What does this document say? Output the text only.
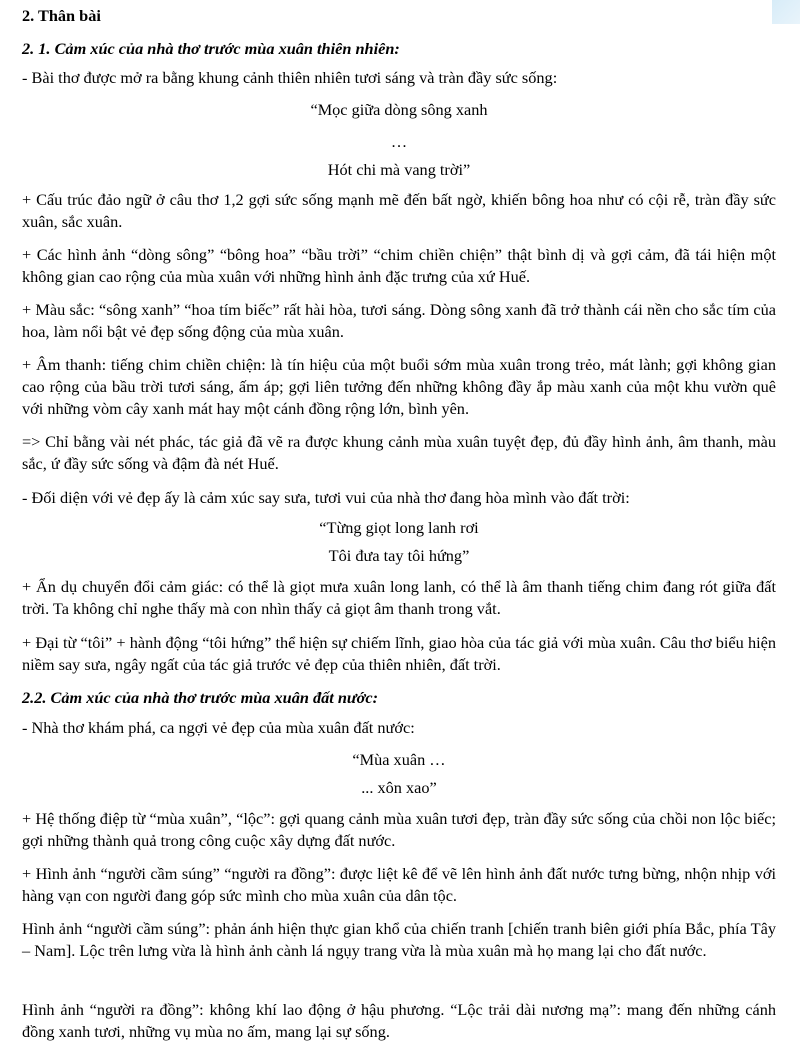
2. Thân bài

2. 1. Cảm xúc của nhà thơ trước mùa xuân thiên nhiên:

- Bài thơ được mở ra bằng khung cảnh thiên nhiên tươi sáng và tràn đầy sức sống:

“Mọc giữa dòng sông xanh

…

Hót chi mà vang trời”

+ Cấu trúc đảo ngữ ở câu thơ 1,2 gợi sức sống mạnh mẽ đến bất ngờ, khiến bông hoa như có cội rễ, tràn đầy sức xuân, sắc xuân.

+ Các hình ảnh “dòng sông” “bông hoa” “bầu trời” “chim chiền chiện” thật bình dị và gợi cảm, đã tái hiện một không gian cao rộng của mùa xuân với những hình ảnh đặc trưng của xứ Huế.

+ Màu sắc: “sông xanh” “hoa tím biếc” rất hài hòa, tươi sáng. Dòng sông xanh đã trở thành cái nền cho sắc tím của hoa, làm nổi bật vẻ đẹp sống động của mùa xuân.

+ Âm thanh: tiếng chim chiền chiện: là tín hiệu của một buổi sớm mùa xuân trong trẻo, mát lành; gợi không gian cao rộng của bầu trời tươi sáng, ấm áp; gợi liên tưởng đến những không đầy ắp màu xanh của một khu vườn quê với những vòm cây xanh mát hay một cánh đồng rộng lớn, bình yên.

=> Chỉ bằng vài nét phác, tác giả đã vẽ ra được khung cảnh mùa xuân tuyệt đẹp, đủ đầy hình ảnh, âm thanh, màu sắc, ứ đầy sức sống và đậm đà nét Huế.

- Đối diện với vẻ đẹp ấy là cảm xúc say sưa, tươi vui của nhà thơ đang hòa mình vào đất trời:

“Từng giọt long lanh rơi

Tôi đưa tay tôi hứng”

+ Ẩn dụ chuyển đổi cảm giác: có thể là giọt mưa xuân long lanh, có thể là âm thanh tiếng chim đang rót giữa đất trời. Ta không chỉ nghe thấy mà con nhìn thấy cả giọt âm thanh trong vắt.

+ Đại từ “tôi” + hành động “tôi hứng” thể hiện sự chiếm lĩnh, giao hòa của tác giả với mùa xuân. Câu thơ biểu hiện niềm say sưa, ngây ngất của tác giả trước vẻ đẹp của thiên nhiên, đất trời.

2.2. Cảm xúc của nhà thơ trước mùa xuân đất nước:

- Nhà thơ khám phá, ca ngợi vẻ đẹp của mùa xuân đất nước:

“Mùa xuân …

... xôn xao”

+ Hệ thống điệp từ “mùa xuân”, “lộc”: gợi quang cảnh mùa xuân tươi đẹp, tràn đầy sức sống của chồi non lộc biếc; gợi những thành quả trong công cuộc xây dựng đất nước.

+ Hình ảnh “người cầm súng” “người ra đồng”: được liệt kê để vẽ lên hình ảnh đất nước tưng bừng, nhộn nhịp với hàng vạn con người đang góp sức mình cho mùa xuân của dân tộc.

Hình ảnh “người cầm súng”: phản ánh hiện thực gian khổ của chiến tranh [chiến tranh biên giới phía Bắc, phía Tây – Nam]. Lộc trên lưng vừa là hình ảnh cành lá ngụy trang vừa là mùa xuân mà họ mang lại cho đất nước.

Hình ảnh “người ra đồng”: không khí lao động ở hậu phương. “Lộc trải dài nương mạ”: mang đến những cánh đồng xanh tươi, những vụ mùa no ấm, mang lại sự sống.
